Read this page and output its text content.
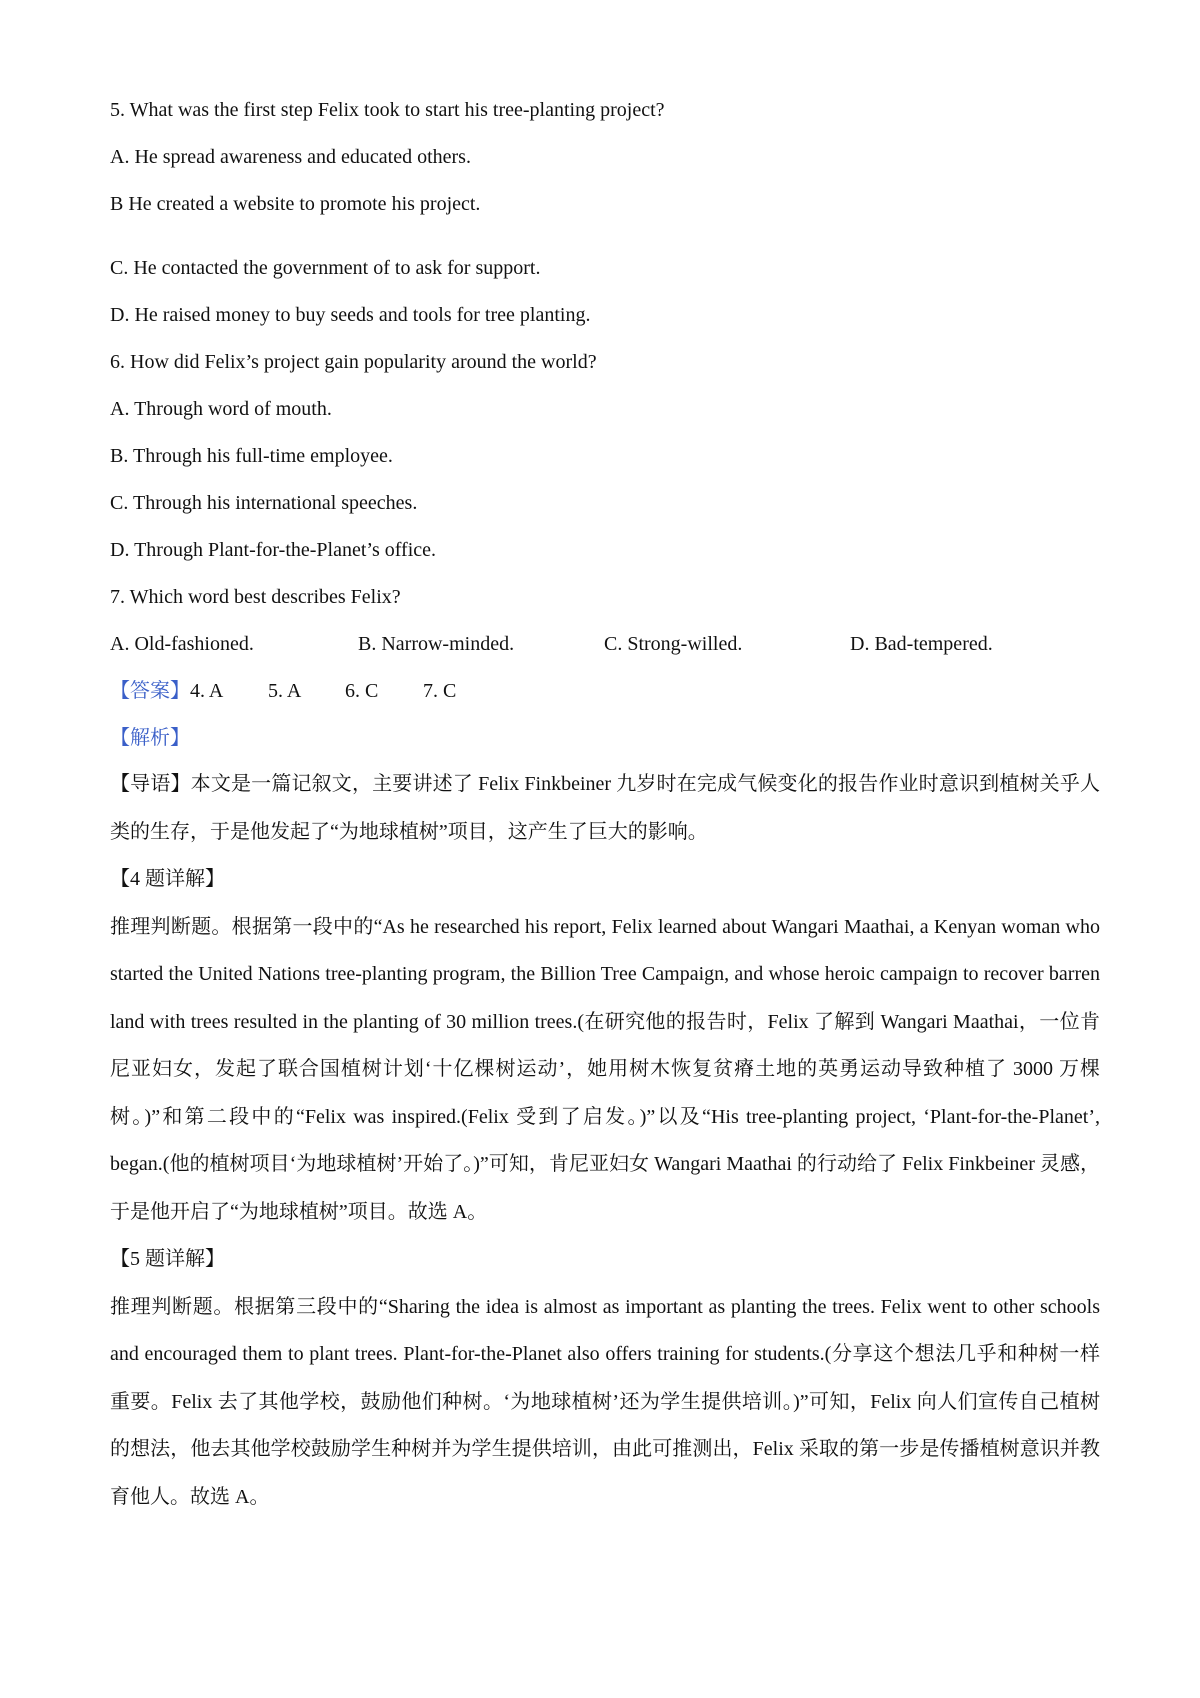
5. What was the first step Felix took to start his tree-planting project?
A. He spread awareness and educated others.
B He created a website to promote his project.
C. He contacted the government of to ask for support.
D. He raised money to buy seeds and tools for tree planting.
6. How did Felix’s project gain popularity around the world?
A. Through word of mouth.
B. Through his full-time employee.
C. Through his international speeches.
D. Through Plant-for-the-Planet’s office.
7. Which word best describes Felix?
A. Old-fashioned.	B. Narrow-minded.	C. Strong-willed.	D. Bad-tempered.
【答案】4. A 5. A 6. C 7. C
【解析】

【导语】本文是一篇记叙文，主要讲述了 Felix Finkbeiner 九岁时在完成气候变化的报告作业时意识到植树关乎人类的生存，于是他发起了“为地球植树”项目，这产生了巨大的影响。

【4 题详解】

推理判断题。根据第一段中的“As he researched his report, Felix learned about Wangari Maathai, a Kenyan woman who started the United Nations tree-planting program, the Billion Tree Campaign, and whose heroic campaign to recover barren land with trees resulted in the planting of 30 million trees.(在研究他的报告时，Felix 了解到 Wangari Maathai，一位肯尼亚妇女，发起了联合国植树计划‘十亿棵树运动’，她用树木恢复贫瘠土地的英勇运动导致种植了 3000 万棵树。)”和第二段中的“Felix was inspired.(Felix 受到了启发。)”以及“His tree-planting project, ‘Plant-for-the-Planet’, began.(他的植树项目‘为地球植树’开始了。)”可知，肯尼亚妇女 Wangari Maathai 的行动给了 Felix Finkbeiner 灵感，于是他开启了“为地球植树”项目。故选 A。

【5 题详解】

推理判断题。根据第三段中的“Sharing the idea is almost as important as planting the trees. Felix went to other schools and encouraged them to plant trees. Plant-for-the-Planet also offers training for students.(分享这个想法几乎和种树一样重要。Felix 去了其他学校，鼓励他们种树。‘为地球植树’还为学生提供培训。)”可知，Felix 向人们宣传自己植树的想法，他去其他学校鼓励学生种树并为学生提供培训，由此可推测出，Felix 采取的第一步是传播植树意识并教育他人。故选 A。
